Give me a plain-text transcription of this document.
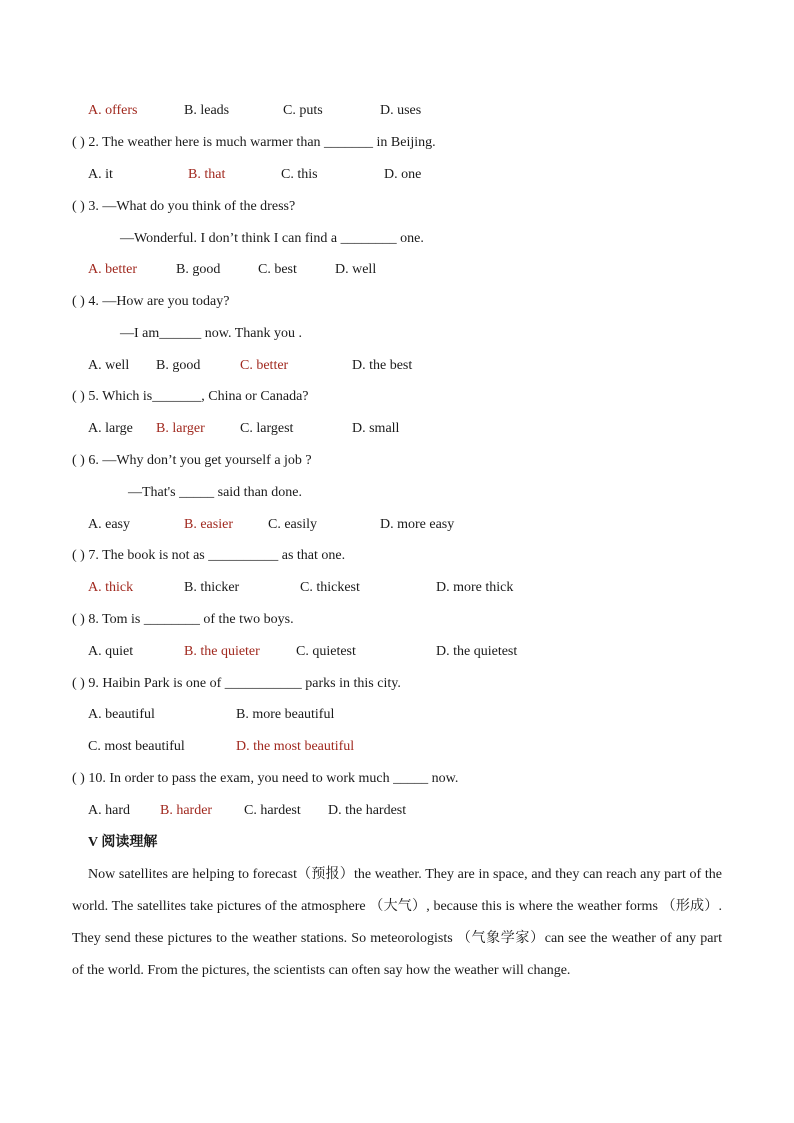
A. offers	B. leads	C. puts	D. uses
( ) 2. The weather here is much warmer than _______ in Beijing.
A. it	B. that	C. this	D. one
( ) 3. —What do you think of the dress?
—Wonderful. I don’t think I can find a ________ one.
A. better	B. good	C. best	D. well
( ) 4. —How are you today?
—I am______ now. Thank you .
A. well B. good	C. better	D. the best
( ) 5. Which is_______, China or Canada?
A. large B. larger	C. largest	D. small
( ) 6. —Why don’t you get yourself a job ?
—That's _____ said than done.
A. easy	B. easier	C. easily	D. more easy
( ) 7. The book is not as __________ as that one.
A. thick	B. thicker	C. thickest	D. more thick
( ) 8. Tom is ________ of the two boys.
A. quiet	B. the quieter	C. quietest	D. the quietest
( ) 9. Haibin Park is one of ___________ parks in this city.
A. beautiful	B. more beautiful
C. most beautiful	D. the most beautiful
( ) 10. In order to pass the exam, you need to work much _____ now.
A. hard B. harder C. hardest D. the hardest
V 阅读理解
Now satellites are helping to forecast（预报）the weather. They are in space, and they can reach any part of the world. The satellites take pictures of the atmosphere （大气）, because this is where the weather forms （形成）. They send these pictures to the weather stations. So meteorologists （气象学家）can see the weather of any part of the world. From the pictures, the scientists can often say how the weather will change.
